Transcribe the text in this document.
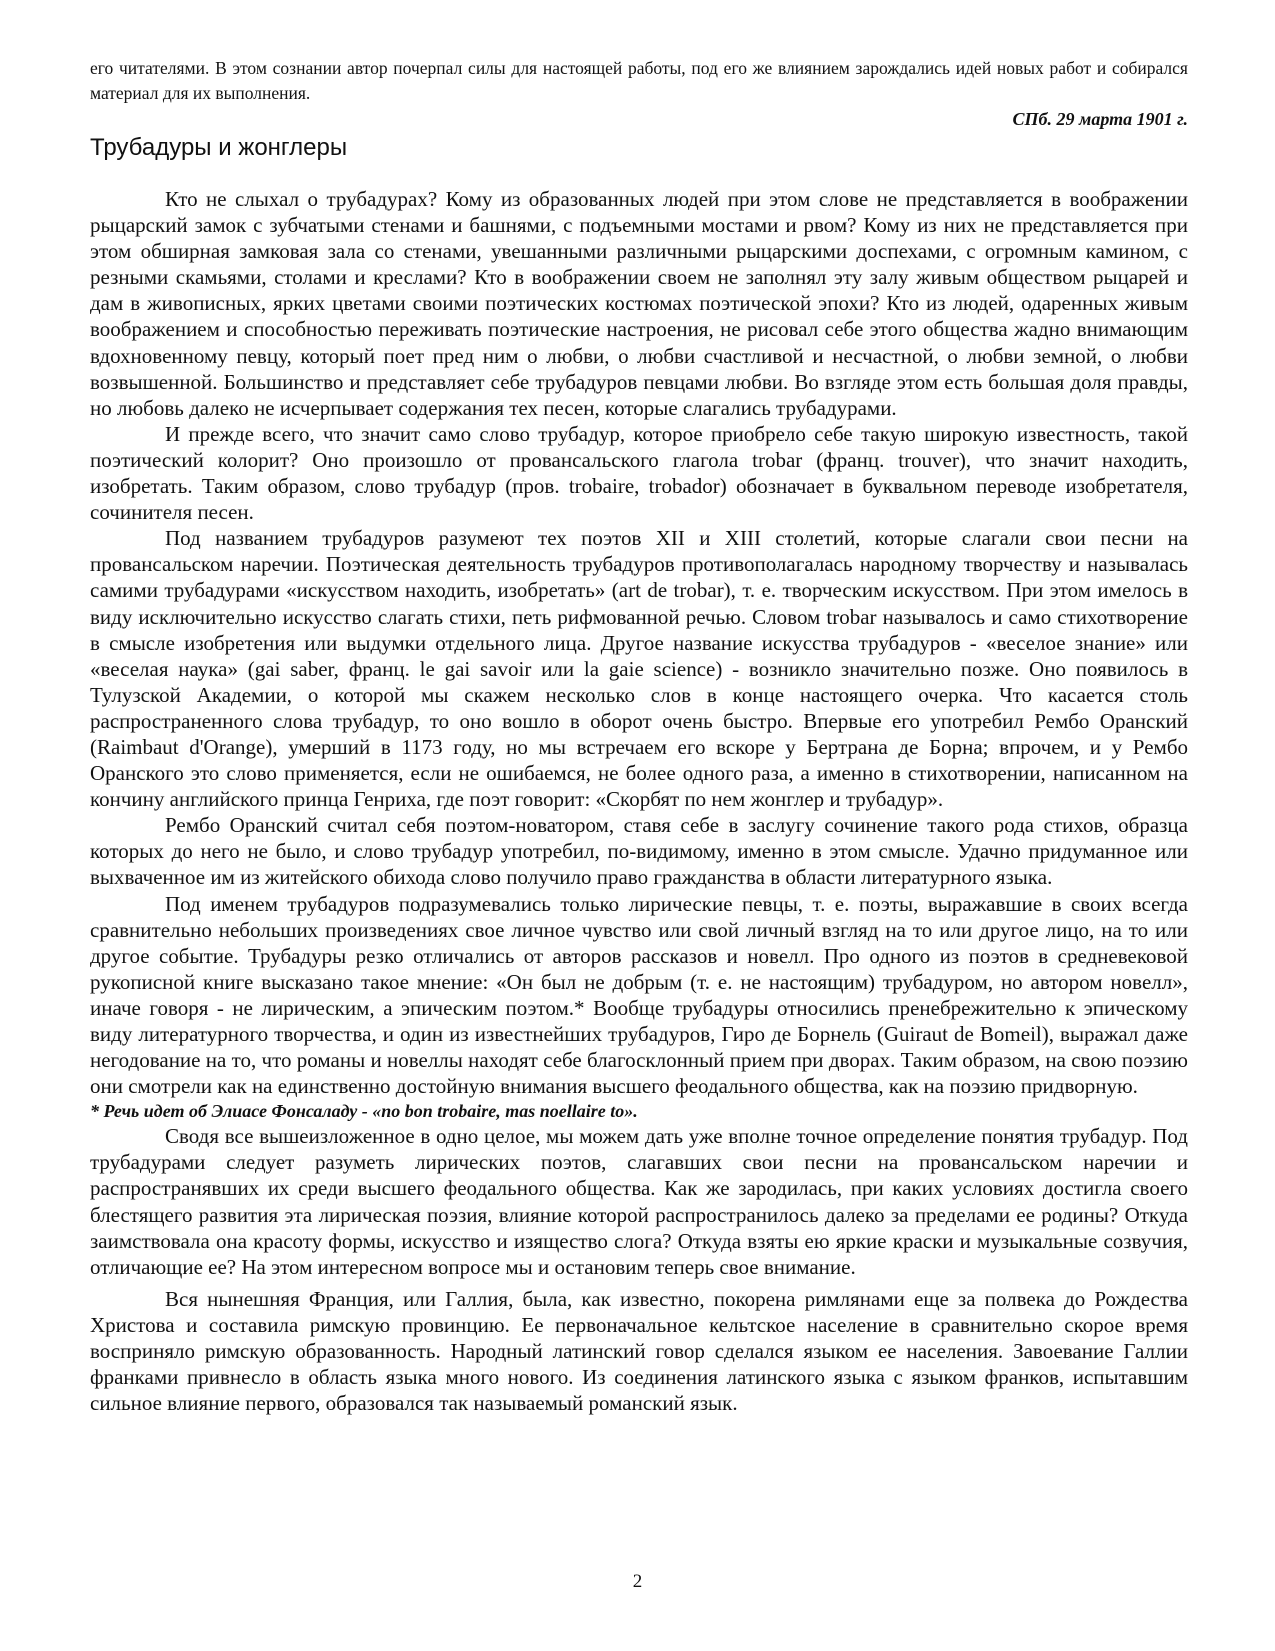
его читателями. В этом сознании автор почерпал силы для настоящей работы, под его же влиянием зарождались идей новых работ и собирался материал для их выполнения.

СПб. 29 марта 1901 г.

Трубадуры и жонглеры

Кто не слыхал о трубадурах? Кому из образованных людей при этом слове не представляется в воображении рыцарский замок с зубчатыми стенами и башнями, с подъемными мостами и рвом? Кому из них не представляется при этом обширная замковая зала со стенами, увешанными различными рыцарскими доспехами, с огромным камином, с резными скамьями, столами и креслами? Кто в воображении своем не заполнял эту залу живым обществом рыцарей и дам в живописных, ярких цветами своими поэтических костюмах поэтической эпохи? Кто из людей, одаренных живым воображением и способностью переживать поэтические настроения, не рисовал себе этого общества жадно внимающим вдохновенному певцу, который поет пред ним о любви, о любви счастливой и несчастной, о любви земной, о любви возвышенной. Большинство и представляет себе трубадуров певцами любви. Во взгляде этом есть большая доля правды, но любовь далеко не исчерпывает содержания тех песен, которые слагались трубадурами.

И прежде всего, что значит само слово трубадур, которое приобрело себе такую широкую известность, такой поэтический колорит? Оно произошло от провансальского глагола trobar (франц. trouver), что значит находить, изобретать. Таким образом, слово трубадур (пров. trobaire, trobador) обозначает в буквальном переводе изобретателя, сочинителя песен.

Под названием трубадуров разумеют тех поэтов XII и XIII столетий, которые слагали свои песни на провансальском наречии. Поэтическая деятельность трубадуров противополагалась народному творчеству и называлась самими трубадурами «искусством находить, изобретать» (art de trobar), т. е. творческим искусством. При этом имелось в виду исключительно искусство слагать стихи, петь рифмованной речью. Словом trobar называлось и само стихотворение в смысле изобретения или выдумки отдельного лица. Другое название искусства трубадуров - «веселое знание» или «веселая наука» (gai saber, франц. le gai savoir или la gaie science) - возникло значительно позже. Оно появилось в Тулузской Академии, о которой мы скажем несколько слов в конце настоящего очерка. Что касается столь распространенного слова трубадур, то оно вошло в оборот очень быстро. Впервые его употребил Рембо Оранский (Raimbaut d'Orange), умерший в 1173 году, но мы встречаем его вскоре у Бертрана де Борна; впрочем, и у Рембо Оранского это слово применяется, если не ошибаемся, не более одного раза, а именно в стихотворении, написанном на кончину английского принца Генриха, где поэт говорит: «Скорбят по нем жонглер и трубадур».

Рембо Оранский считал себя поэтом-новатором, ставя себе в заслугу сочинение такого рода стихов, образца которых до него не было, и слово трубадур употребил, по-видимому, именно в этом смысле. Удачно придуманное или выхваченное им из житейского обихода слово получило право гражданства в области литературного языка.

Под именем трубадуров подразумевались только лирические певцы, т. е. поэты, выражавшие в своих всегда сравнительно небольших произведениях свое личное чувство или свой личный взгляд на то или другое лицо, на то или другое событие. Трубадуры резко отличались от авторов рассказов и новелл. Про одного из поэтов в средневековой рукописной книге высказано такое мнение: «Он был не добрым (т. е. не настоящим) трубадуром, но автором новелл», иначе говоря - не лирическим, а эпическим поэтом.* Вообще трубадуры относились пренебрежительно к эпическому виду литературного творчества, и один из известнейших трубадуров, Гиро де Борнель (Guiraut de Bomeil), выражал даже негодование на то, что романы и новеллы находят себе благосклонный прием при дворах. Таким образом, на свою поэзию они смотрели как на единственно достойную внимания высшего феодального общества, как на поэзию придворную.

* Речь идет об Элиасе Фонсаладу - «no bon trobaire, mas noellaire to».

Сводя все вышеизложенное в одно целое, мы можем дать уже вполне точное определение понятия трубадур. Под трубадурами следует разуметь лирических поэтов, слагавших свои песни на провансальском наречии и распространявших их среди высшего феодального общества. Как же зародилась, при каких условиях достигла своего блестящего развития эта лирическая поэзия, влияние которой распространилось далеко за пределами ее родины? Откуда заимствовала она красоту формы, искусство и изящество слога? Откуда взяты ею яркие краски и музыкальные созвучия, отличающие ее? На этом интересном вопросе мы и остановим теперь свое внимание.

Вся нынешняя Франция, или Галлия, была, как известно, покорена римлянами еще за полвека до Рождества Христова и составила римскую провинцию. Ее первоначальное кельтское население в сравнительно скорое время восприняло римскую образованность. Народный латинский говор сделался языком ее населения. Завоевание Галлии франками привнесло в область языка много нового. Из соединения латинского языка с языком франков, испытавшим сильное влияние первого, образовался так называемый романский язык.

2
